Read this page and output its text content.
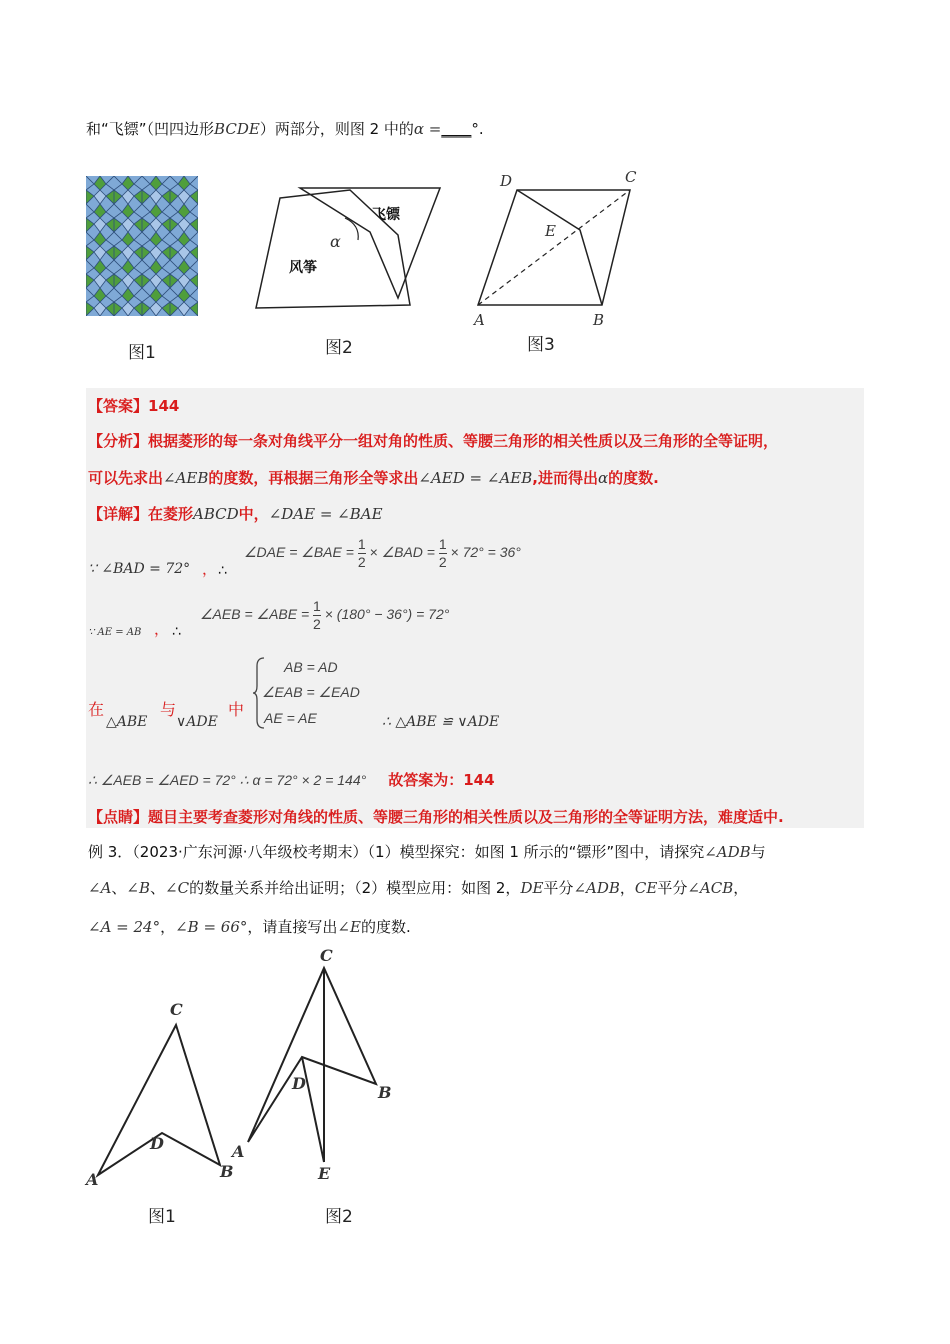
和“飞镖”（凹四边形BCDE）两部分，则图 2 中的α =____°.
图1
风筝
飞镖
α
图2
D	C
E
A	B
图3
【答案】144
【分析】根据菱形的每一条对角线平分一组对角的性质、等腰三角形的相关性质以及三角形的全等证明，
可以先求出∠AEB的度数，再根据三角形全等求出∠AED = ∠AEB,进而得出α的度数.
【详解】在菱形ABCD中，∠DAE = ∠BAE
∵ ∠BAD = 72° ， ∴
∠DAE = ∠BAE = $\frac{1}{2}$ × ∠BAD = $\frac{1}{2} \times 72^\circ = 36^\circ$
∵ AE = AB ， ∴
∠AEB = ∠ABE = $\frac{1}{2} \times (180^\circ - 36^\circ) = 72^\circ$
在
△ABE
与
∨ADE
中
AB = AD
∠EAB = ∠EAD
AE = AE	∴ △ABE ≌ ∨ADE
∴ ∠AEB = ∠AED = 72° ∴ α = 72° × 2 = 144° 故答案为：144
【点睛】题目主要考查菱形对角线的性质、等腰三角形的相关性质以及三角形的全等证明方法，难度适中.
例 3．（2023·广东河源·八年级校考期末）（1）模型探究：如图 1 所示的“镖形”图中，请探究∠ADB与
∠A、∠B、∠C的数量关系并给出证明；（2）模型应用：如图 2，DE平分∠ADB，CE平分∠ACB，
∠A = 24°，∠B = 66°，请直接写出∠E的度数.
C
D
A	B
图1
C
D	B
A
E
图2
